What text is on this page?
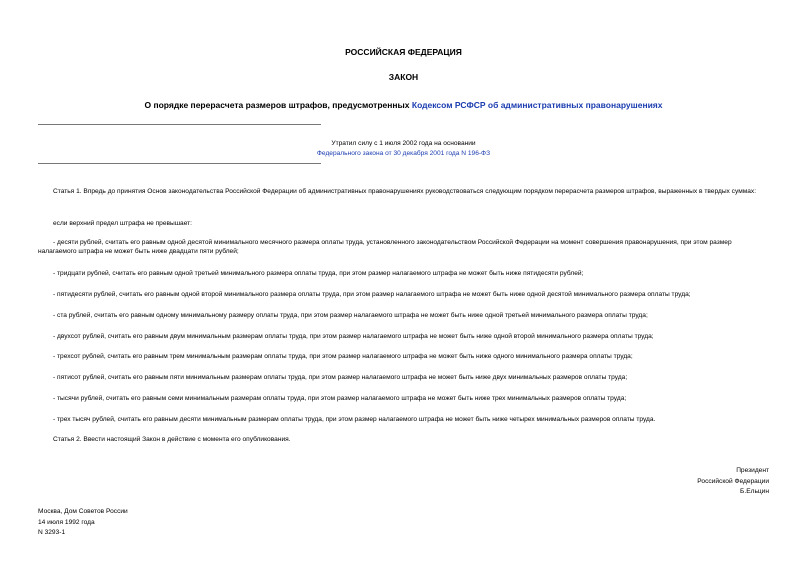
РОССИЙСКАЯ ФЕДЕРАЦИЯ

ЗАКОН

О порядке перерасчета размеров штрафов, предусмотренных Кодексом РСФСР об административных правонарушениях

Утратил силу с 1 июля 2002 года на основании
Федерального закона от 30 декабря 2001 года N 196-ФЗ

Статья 1. Впредь до принятия Основ законодательства Российской Федерации об административных правонарушениях руководствоваться следующим порядком перерасчета размеров штрафов, выраженных в твердых суммах:

если верхний предел штрафа не превышает:

- десяти рублей, считать его равным одной десятой минимального месячного размера оплаты труда, установленного законодательством Российской Федерации на момент совершения правонарушения, при этом размер налагаемого штрафа не может быть ниже двадцати пяти рублей;

- тридцати рублей, считать его равным одной третьей минимального размера оплаты труда, при этом размер налагаемого штрафа не может быть ниже пятидесяти рублей;

- пятидесяти рублей, считать его равным одной второй минимального размера оплаты труда, при этом размер налагаемого штрафа не может быть ниже одной десятой минимального размера оплаты труда;

- ста рублей, считать его равным одному минимальному размеру оплаты труда, при этом размер налагаемого штрафа не может быть ниже одной третьей минимального размера оплаты труда;

- двухсот рублей, считать его равным двум минимальным размерам оплаты труда, при этом размер налагаемого штрафа не может быть ниже одной второй минимального размера оплаты труда;

- трехсот рублей, считать его равным трем минимальным размерам оплаты труда, при этом размер налагаемого штрафа не может быть ниже одного минимального размера оплаты труда;

- пятисот рублей, считать его равным пяти минимальным размерам оплаты труда, при этом размер налагаемого штрафа не может быть ниже двух минимальных размеров оплаты труда;

- тысячи рублей, считать его равным семи минимальным размерам оплаты труда, при этом размер налагаемого штрафа не может быть ниже трех минимальных размеров оплаты труда;

- трех тысяч рублей, считать его равным десяти минимальным размерам оплаты труда, при этом размер налагаемого штрафа не может быть ниже четырех минимальных размеров оплаты труда.

Статья 2. Ввести настоящий Закон в действие с момента его опубликования.

Президент
Российской Федерации
Б.Ельцин
Москва, Дом Советов России
14 июля 1992 года
N 3293-1
